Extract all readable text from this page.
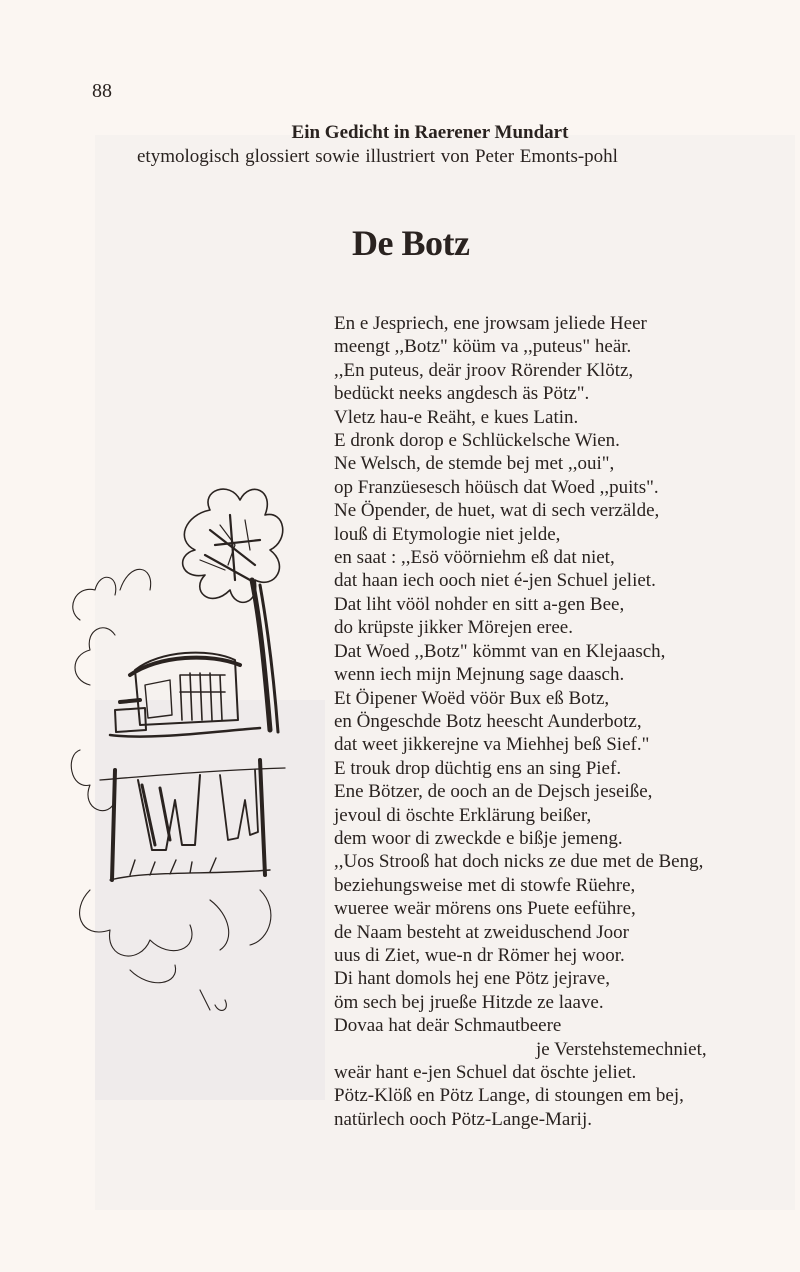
88
Ein Gedicht in Raerener Mundart
etymologisch glossiert sowie illustriert von Peter Emonts-pohl
De Botz
En e Jespriech, ene jrowsam jeliede Heer
meengt ,,Botz" köüm va ,,puteus" heär.
,,En puteus, deär jroov Rörender Klötz,
bedückt neeks angdesch äs Pötz".
Vletz hau-e Reäht, e kues Latin.
E dronk dorop e Schlückelsche Wien.
Ne Welsch, de stemde bej met ,,oui",
op Franzüesesch höüsch dat Woed ,,puits".
Ne Öpender, de huet, wat di sech verzälde,
louß di Etymologie niet jelde,
en saat : ,,Esö vöörniehm eß dat niet,
dat haan iech ooch niet é-jen Schuel jeliet.
Dat liht vööl nohder en sitt a-gen Bee,
do krüpste jikker Mörejen eree.
Dat Woed ,,Botz" kömmt van en Klejaasch,
wenn iech mijn Mejnung sage daasch.
Et Öipener Woëd vöör Bux eß Botz,
en Öngeschde Botz heescht Aunderbotz,
dat weet jikkerejne va Miehhej beß Sief."
E trouk drop düchtig ens an sing Pief.
Ene Bötzer, de ooch an de Dejsch jeseiße,
jevoul di öschte Erklärung beißer,
dem woor di zweckde e bißje jemeng.
,,Uos Strooß hat doch nicks ze due met de Beng,
beziehungsweise met di stowfe Rüehre,
wueree weär mörens ons Puete eeführe,
de Naam besteht at zweiduschend Joor
uus di Ziet, wue-n dr Römer hej woor.
Di hant domols hej ene Pötz jejrave,
öm sech bej jrueße Hitzde ze laave.
Dovaa hat deär Schmautbeere
je Verstehstemechniet,
weär hant e-jen Schuel dat öschte jeliet.
Pötz-Klöß en Pötz Lange, di stoungen em bej,
natürlech ooch Pötz-Lange-Marij.
